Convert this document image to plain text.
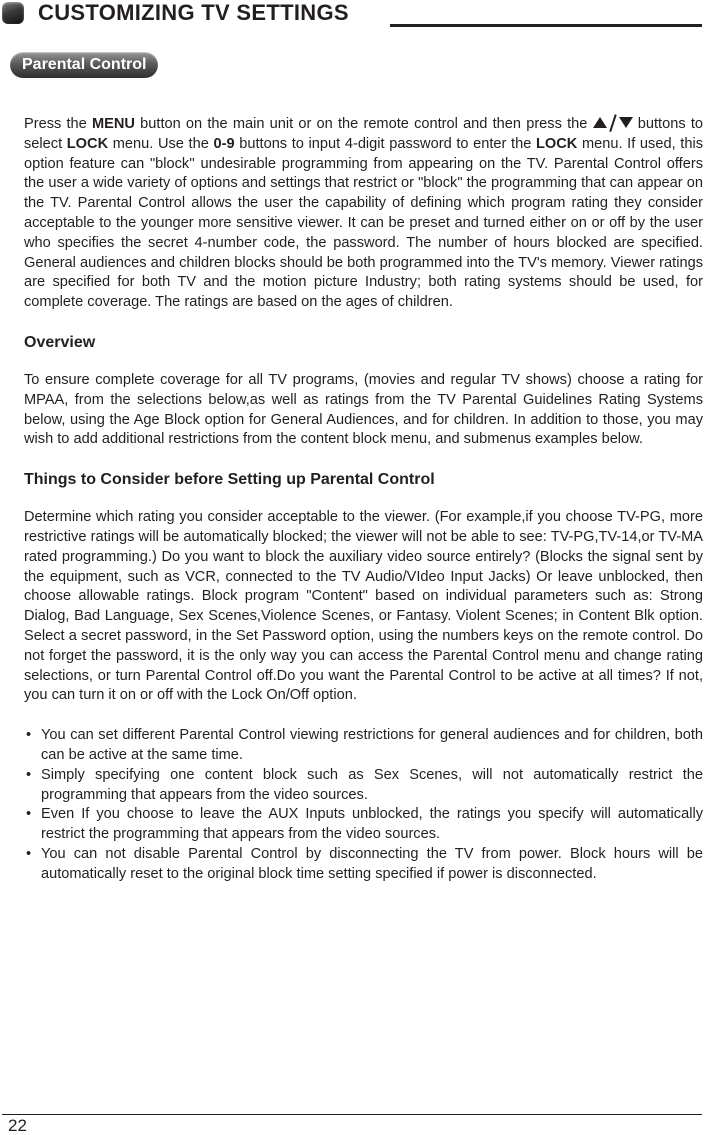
CUSTOMIZING TV SETTINGS
Parental Control

Press the MENU button on the main unit or on the remote control and then press the	buttons to select LOCK menu. Use the 0-9 buttons to input 4-digit password to enter the LOCK menu. If used, this option feature can "block'' undesirable programming from appearing on the TV. Parental Control offers the user a wide variety of options and settings that restrict or "block" the programming that can appear on the TV. Parental Control allows the user the capability of defining which program rating they consider acceptable to the younger more sensitive viewer. It can be preset and turned either on or off by the user who specifies the secret 4-number code, the password. The number of hours blocked are specified. General audiences and children blocks should be both programmed into the TV's memory. Viewer ratings are specified for both TV and the motion picture Industry; both rating systems should be used, for complete coverage. The ratings are based on the ages of children.

Overview

To ensure complete coverage for all TV programs, (movies and regular TV shows) choose a rating for MPAA, from the selections below,as well as ratings from the TV Parental Guidelines Rating Systems below, using the Age Block option for General Audiences, and for children. In addition to those, you may wish to add additional restrictions from the content block menu, and submenus examples below.

Things to Consider before Setting up Parental Control

Determine which rating you consider acceptable to the viewer. (For example,if you choose TV-PG, more restrictive ratings will be automatically blocked; the viewer will not be able to see: TV-PG,TV-14,or TV-MA rated programming.) Do you want to block the auxiliary video source entirely? (Blocks the signal sent by the equipment, such as VCR, connected to the TV Audio/VIdeo Input Jacks) Or leave unblocked, then choose allowable ratings. Block program "Content" based on individual parameters such as: Strong Dialog, Bad Language, Sex Scenes,Violence Scenes, or Fantasy. Violent Scenes; in Content Blk option. Select a secret password, in the Set Password option, using the numbers keys on the remote control. Do not forget the password, it is the only way you can access the Parental Control menu and change rating selections, or turn Parental Control off.Do you want the Parental Control to be active at all times? If not, you can turn it on or off with the Lock On/Off option.

• You can set different Parental Control viewing restrictions for general audiences and for children, both can be active at the same time.
• Simply specifying one content block such as Sex Scenes, will not automatically restrict the programming that appears from the video sources.
• Even If you choose to leave the AUX Inputs unblocked, the ratings you specify will automatically restrict the programming that appears from the video sources.
• You can not disable Parental Control by disconnecting the TV from power. Block hours will be automatically reset to the original block time setting specified if power is disconnected.
22
